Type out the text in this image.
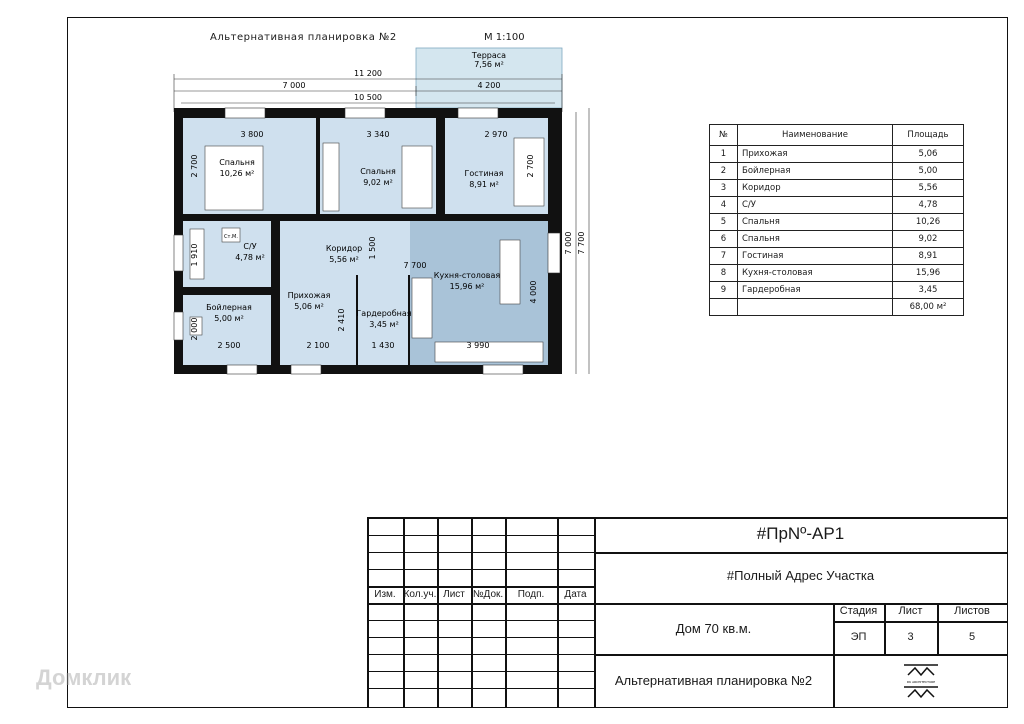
Альтернативная планировка №2	М 1:100
Терраса
7,56 м²
11 200
7 000	4 200
10 500
7 000 7 700
Ст.М.
Спальня
10,26 м²	Спальня
9,02 м²
Гостиная
8,91 м²
С/У
4,78 м²
Коридор
5,56 м²
Кухня-столовая
15,96 м²
Бойлерная
5,00 м²
Прихожая
5,06 м²
Гардеробная
3,45 м²
3 800	3 340	2 970
2 700	2 700
1 910	1 500
7 700
4 000
2 000	2 410
2 500	2 100	1 430	3 990
№	Наименование	Площадь
1	Прихожая	5,06
2	Бойлерная	5,00
3	Коридор	5,56
4	С/У	4,78
5	Спальня	10,26
6	Спальня	9,02
7	Гостиная	8,91
8	Кухня-столовая	15,96
9	Гардеробная	3,45
		68,00 м²
Изм. Кол.уч. Лист №Док.	Подп.	Дата
#ПрNº-АР1
#Полный Адрес Участка
Дом 70 кв.м.
Альтернативная планировка №2
Стадия	Лист	Листов
ЭП	3	5
DK ARCHITECTURE
Домклик
